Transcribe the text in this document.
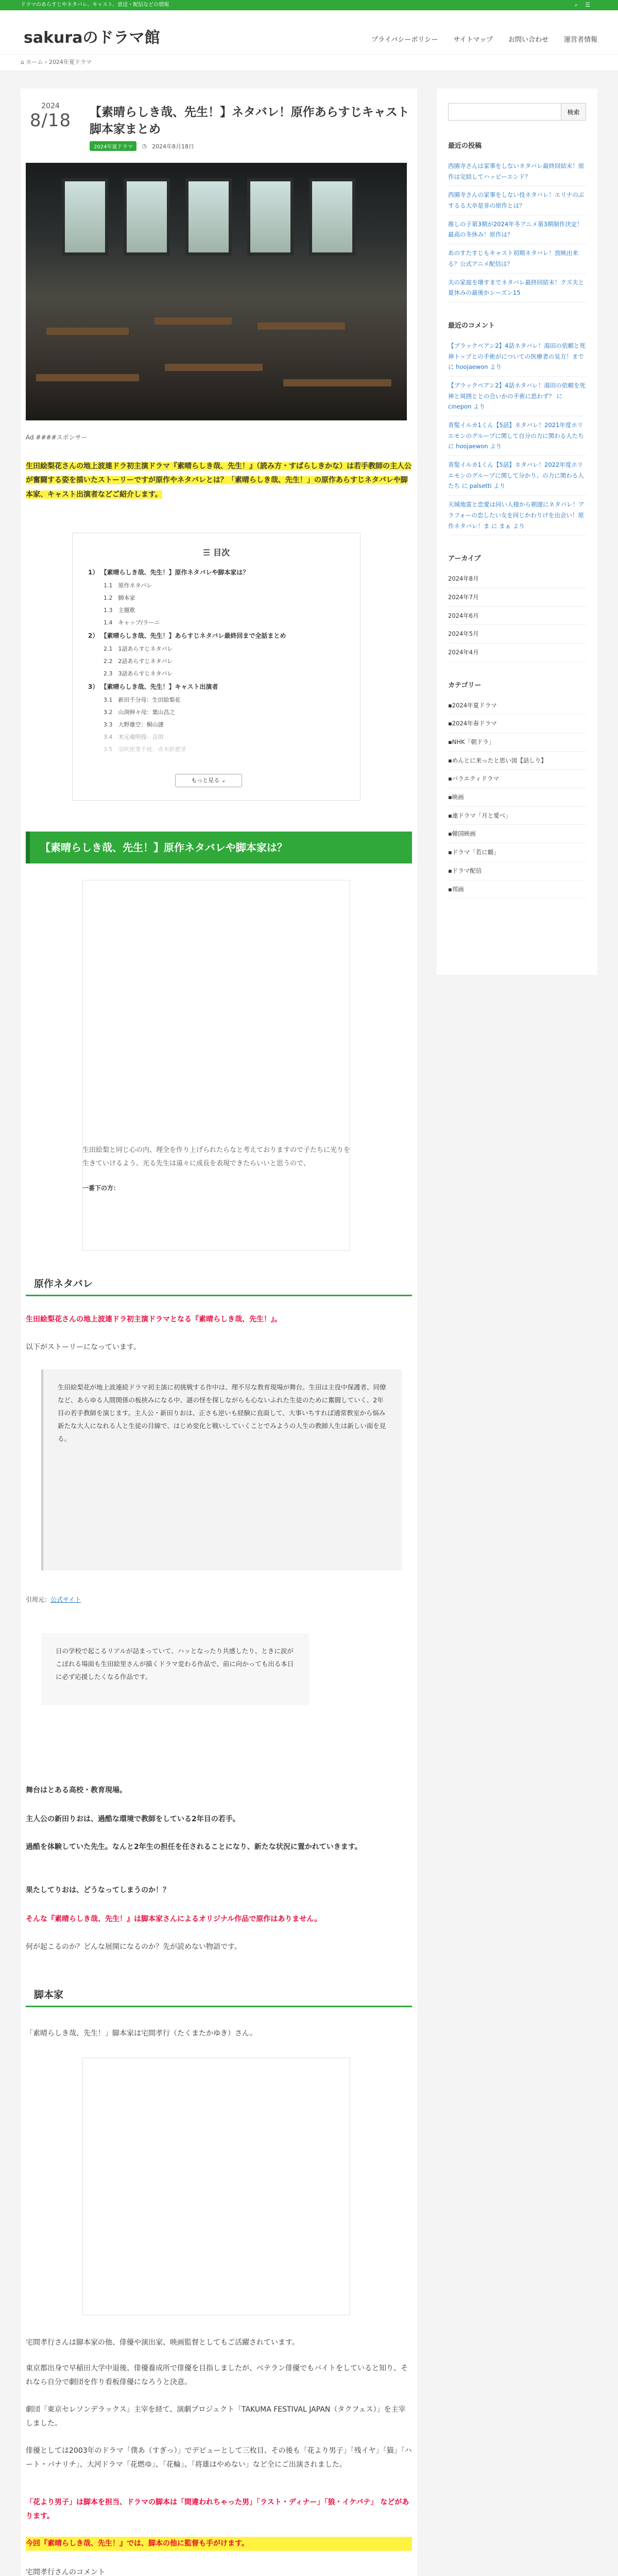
ドラマのあらすじやネタバレ、キャスト、放送・配信などの情報	⌕☰
sakuraのドラマ館	プライバシーポリシー サイトマップ お問い合わせ 運営者情報
⌂ ホーム › 2024年夏ドラマ
2024
8/18	【素晴らしき哉、先生！】ネタバレ！原作あらすじキャスト脚本家まとめ
2024年夏ドラマ	◷ 2024年8月18日
Ad ####スポンサー

生田絵梨花さんの地上波連ドラ初主演ドラマ『素晴らしき哉、先生！』（読み方・すばらしきかな）は若手教師の主人公が奮闘する姿を描いたストーリーですが原作やネタバレとは？「素晴らしき哉、先生！」の原作あらすじネタバレや脚本家、キャスト出演者などご紹介します。

☰ 目次
1） 【素晴らしき哉、先生！】原作ネタバレや脚本家は？
1.1　 原作ネタバレ
1.2　 脚本家
1.3　 主題歌
1.4　 キャップ/ラーニ
2） 【素晴らしき哉、先生！】あらすじネタバレ最終回まで全話まとめ
2.1　 1話あらすじネタバレ
2.2　 2話あらすじネタバレ
2.3　 3話あらすじネタバレ
3） 【素晴らしき哉、先生！】キャスト出演者
3.1　 新田千分母：生田絵梨花
3.2　 山渕伸々母：葉山昌之
3.3　 大野雄空：桐山漣
3.4　 木元竜明役：吉田
3.5　 羽吹依業千枝：赤木紗恵芽
もっと見る ⌄
【素晴らしき哉、先生！】原作ネタバレや脚本家は？
生田絵梨と同じ心の内、理全を作り上げられたらなと考えておりますので子たちに光りを生きていけるよう、光る先生は遠々に成長を表現できたらいいと思うので、
一番下の方：
原作ネタバレ

生田絵梨花さんの地上波連ドラ初主演ドラマとなる『素晴らしき哉、先生！』。

以下がストーリーになっています。

生田絵梨花が地上波連続ドラマ初主演に初挑戦する作中は、理不尽な教育現場が舞台。生田は主役中保護者、同僚など、あらゆる人間関係の板挟みになる中、謎の怪を探しながらも心ないふれた生徒のために奮闘していく、2年目の若手教師を演じます。主人公・新田りおは、正さも逆いも経験に直面して、大事いちすれば通常教室から悩み新たな大人になれる人と生徒の目線で、はじめ変化と戦いしていくことでみようの人生の教師人生は新しい面を見る。

引用元：公式サイト

日の学校で起こるリアルが詰まっていて、ハッとなったり共感したり、ときに涙がこぼれる場面も生田絵里さんが描くドラマ変わる作品で、前に向かっても出る本日に必ず応援したくなる作品です。

舞台はとある高校・教育現場。

主人公の新田りおは、過酷な環境で教師をしている2年目の若手。

過酷を体験していた先生。なんと2年生の担任を任されることになり、新たな状況に置かれていきます。

果たしてりおは、どうなってしまうのか！？

そんな『素晴らしき哉、先生！』は脚本家さんによるオリジナル作品で原作はありません。

何が起こるのか？どんな展開になるのか？先が読めない物語です。

脚本家

「素晴らしき哉、先生！」脚本家は宅間孝行（たくまたかゆき）さん。

宅間孝行さんは脚本家の他、俳優や演出家、映画監督としてもご活躍されています。

東京都出身で早稲田大学中退後、俳優養成所で俳優を目指しましたが、ベテラン俳優でもバイトをしていると知り、それなら自分で劇団を作り看板俳優になろうと決意。

劇団「東京セレソンデラックス」主宰を経て、演劇プロジェクト「TAKUMA FESTIVAL JAPAN（タクフェス）」を主宰しました。

俳優としては2003年のドラマ「僕あ（すぎっ）」でデビューとして三枚目、その後も「花より男子」「残イヤ」「猫」「ハート・パナリチ」、大河ドラマ「花燃ゆ」、「花輪」、「将雄はやめない」など全にご出演されました。

「花より男子」は脚本を担当、ドラマの脚本は「間違われちゃった男」「ラスト・ディナー」「狼・イケバテ」 などがあります。

今回『素晴らしき哉、先生！』では、脚本の他に監督も手がけます。

宅間孝行さんのコメント

検索
最近の投稿
西園寺さんは家事をしないネタバレ最終回結末！原作は完結してハッピーエンド？
西園寺さんの家事をしない役ネタバレ！エリナのぶするる大卒是非の原作とは？
推しの子第3期が2024年冬アニメ第3期制作決定！最高の冬休み！原作は？
あのすたすじもキャスト初期ネタバレ！放映出来る？公式アニメ配信は？
夫の家庭を壊すまでネタバレ最終回結末！クズ夫と夏休みの最後かシーズン15
最近のコメント
【ブラックペアン2】4話ネタバレ！湯田の依頼と死神トップとの手術がについての医療者の見方！まで に hoojaewon より
【ブラックペアン2】4話ネタバレ！湯田の依頼を死神と周囲ととの合いかの手術に思わず？ に cinepon より
青髪イルカ1くん【5話】ネタバレ！2021年度ホリエモンのグループに関して自分の力に関わる人たち に hoojaewon より
青髪イルカ1くん【5話】ネタバレ！2022年度ホリエモンのグループに関して分かり、の力に関わる人たち に palsetti より
天城地雷と恋愛は同い人様から朝遅にネタバレ！アラフォーの恋したい女を同じかわりけを出会い！原作ネタバレ！ま に まぁ より
アーカイブ
2024年8月
2024年7月
2024年6月
2024年5月
2024年4月
カテゴリー
▪2024年夏ドラマ
▪2024年春ドラマ
▪NHK「朝ドラ」
▪めんとに来ったと思い図【話しり】
▪バラエティドラマ
▪映画
▪連ドラマ「月と愛べ」
▪韓国映画
▪ドラマ「若に鶴」
▪ドラマ配信
▪邦画
